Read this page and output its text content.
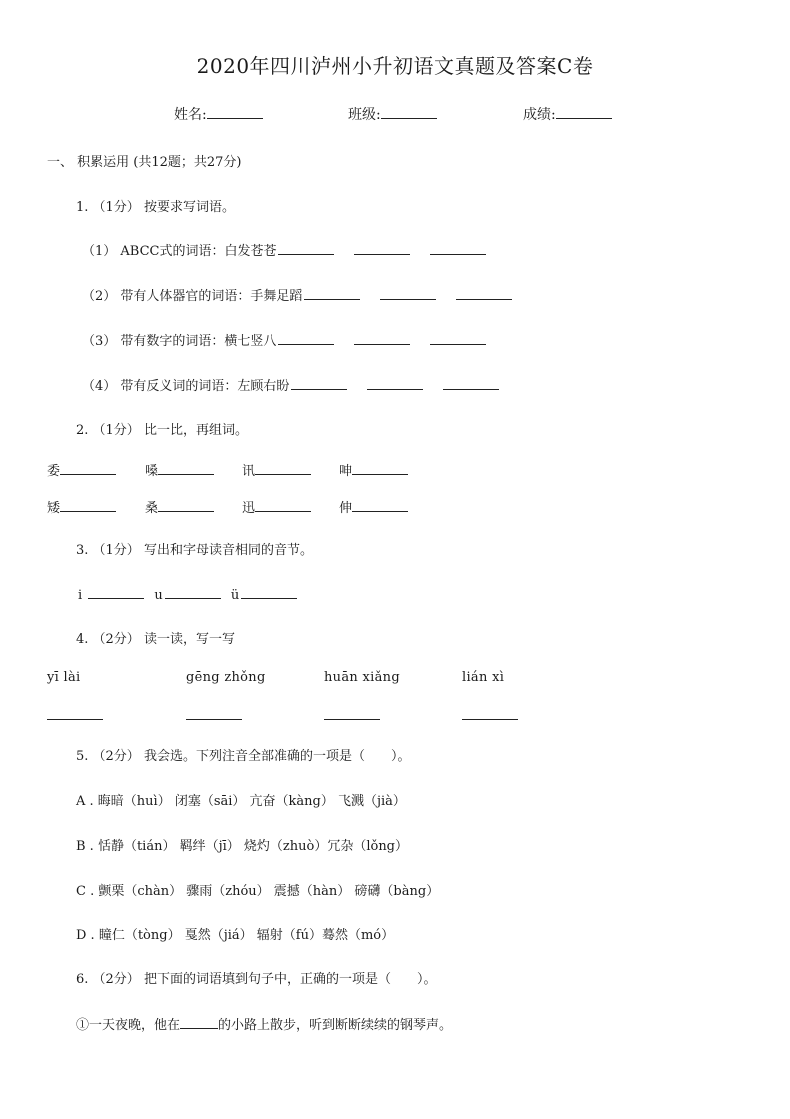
2020年四川泸州小升初语文真题及答案C卷
姓名:	班级:	成绩:
一、 积累运用 (共12题；共27分)
1. （1分） 按要求写词语。
（1） ABCC式的词语：白发苍苍
（2） 带有人体器官的词语：手舞足蹈
（3） 带有数字的词语：横七竖八
（4） 带有反义词的词语：左顾右盼
2. （1分） 比一比，再组词。
委	嗓	讯	呻
矮	桑	迅	伸
3. （1分） 写出和字母读音相同的音节。
i	u	ü
4. （2分） 读一读，写一写
yī lài	gēng zhǒng	huān xiǎng	lián xì
5. （2分） 我会选。下列注音全部准确的一项是（　　）。
A . 晦暗（huì） 闭塞（sāi） 亢奋（kàng） 飞溅（jià）
B . 恬静（tián） 羁绊（jī） 烧灼（zhuò）冗杂（lǒng）
C . 颤栗（chàn） 骤雨（zhóu） 震撼（hàn） 磅礴（bàng）
D . 瞳仁（tòng） 戛然（jiá） 辐射（fú）蓦然（mó）
6. （2分） 把下面的词语填到句子中，正确的一项是（　　）。
①一天夜晚，他在	的小路上散步，听到断断续续的钢琴声。
